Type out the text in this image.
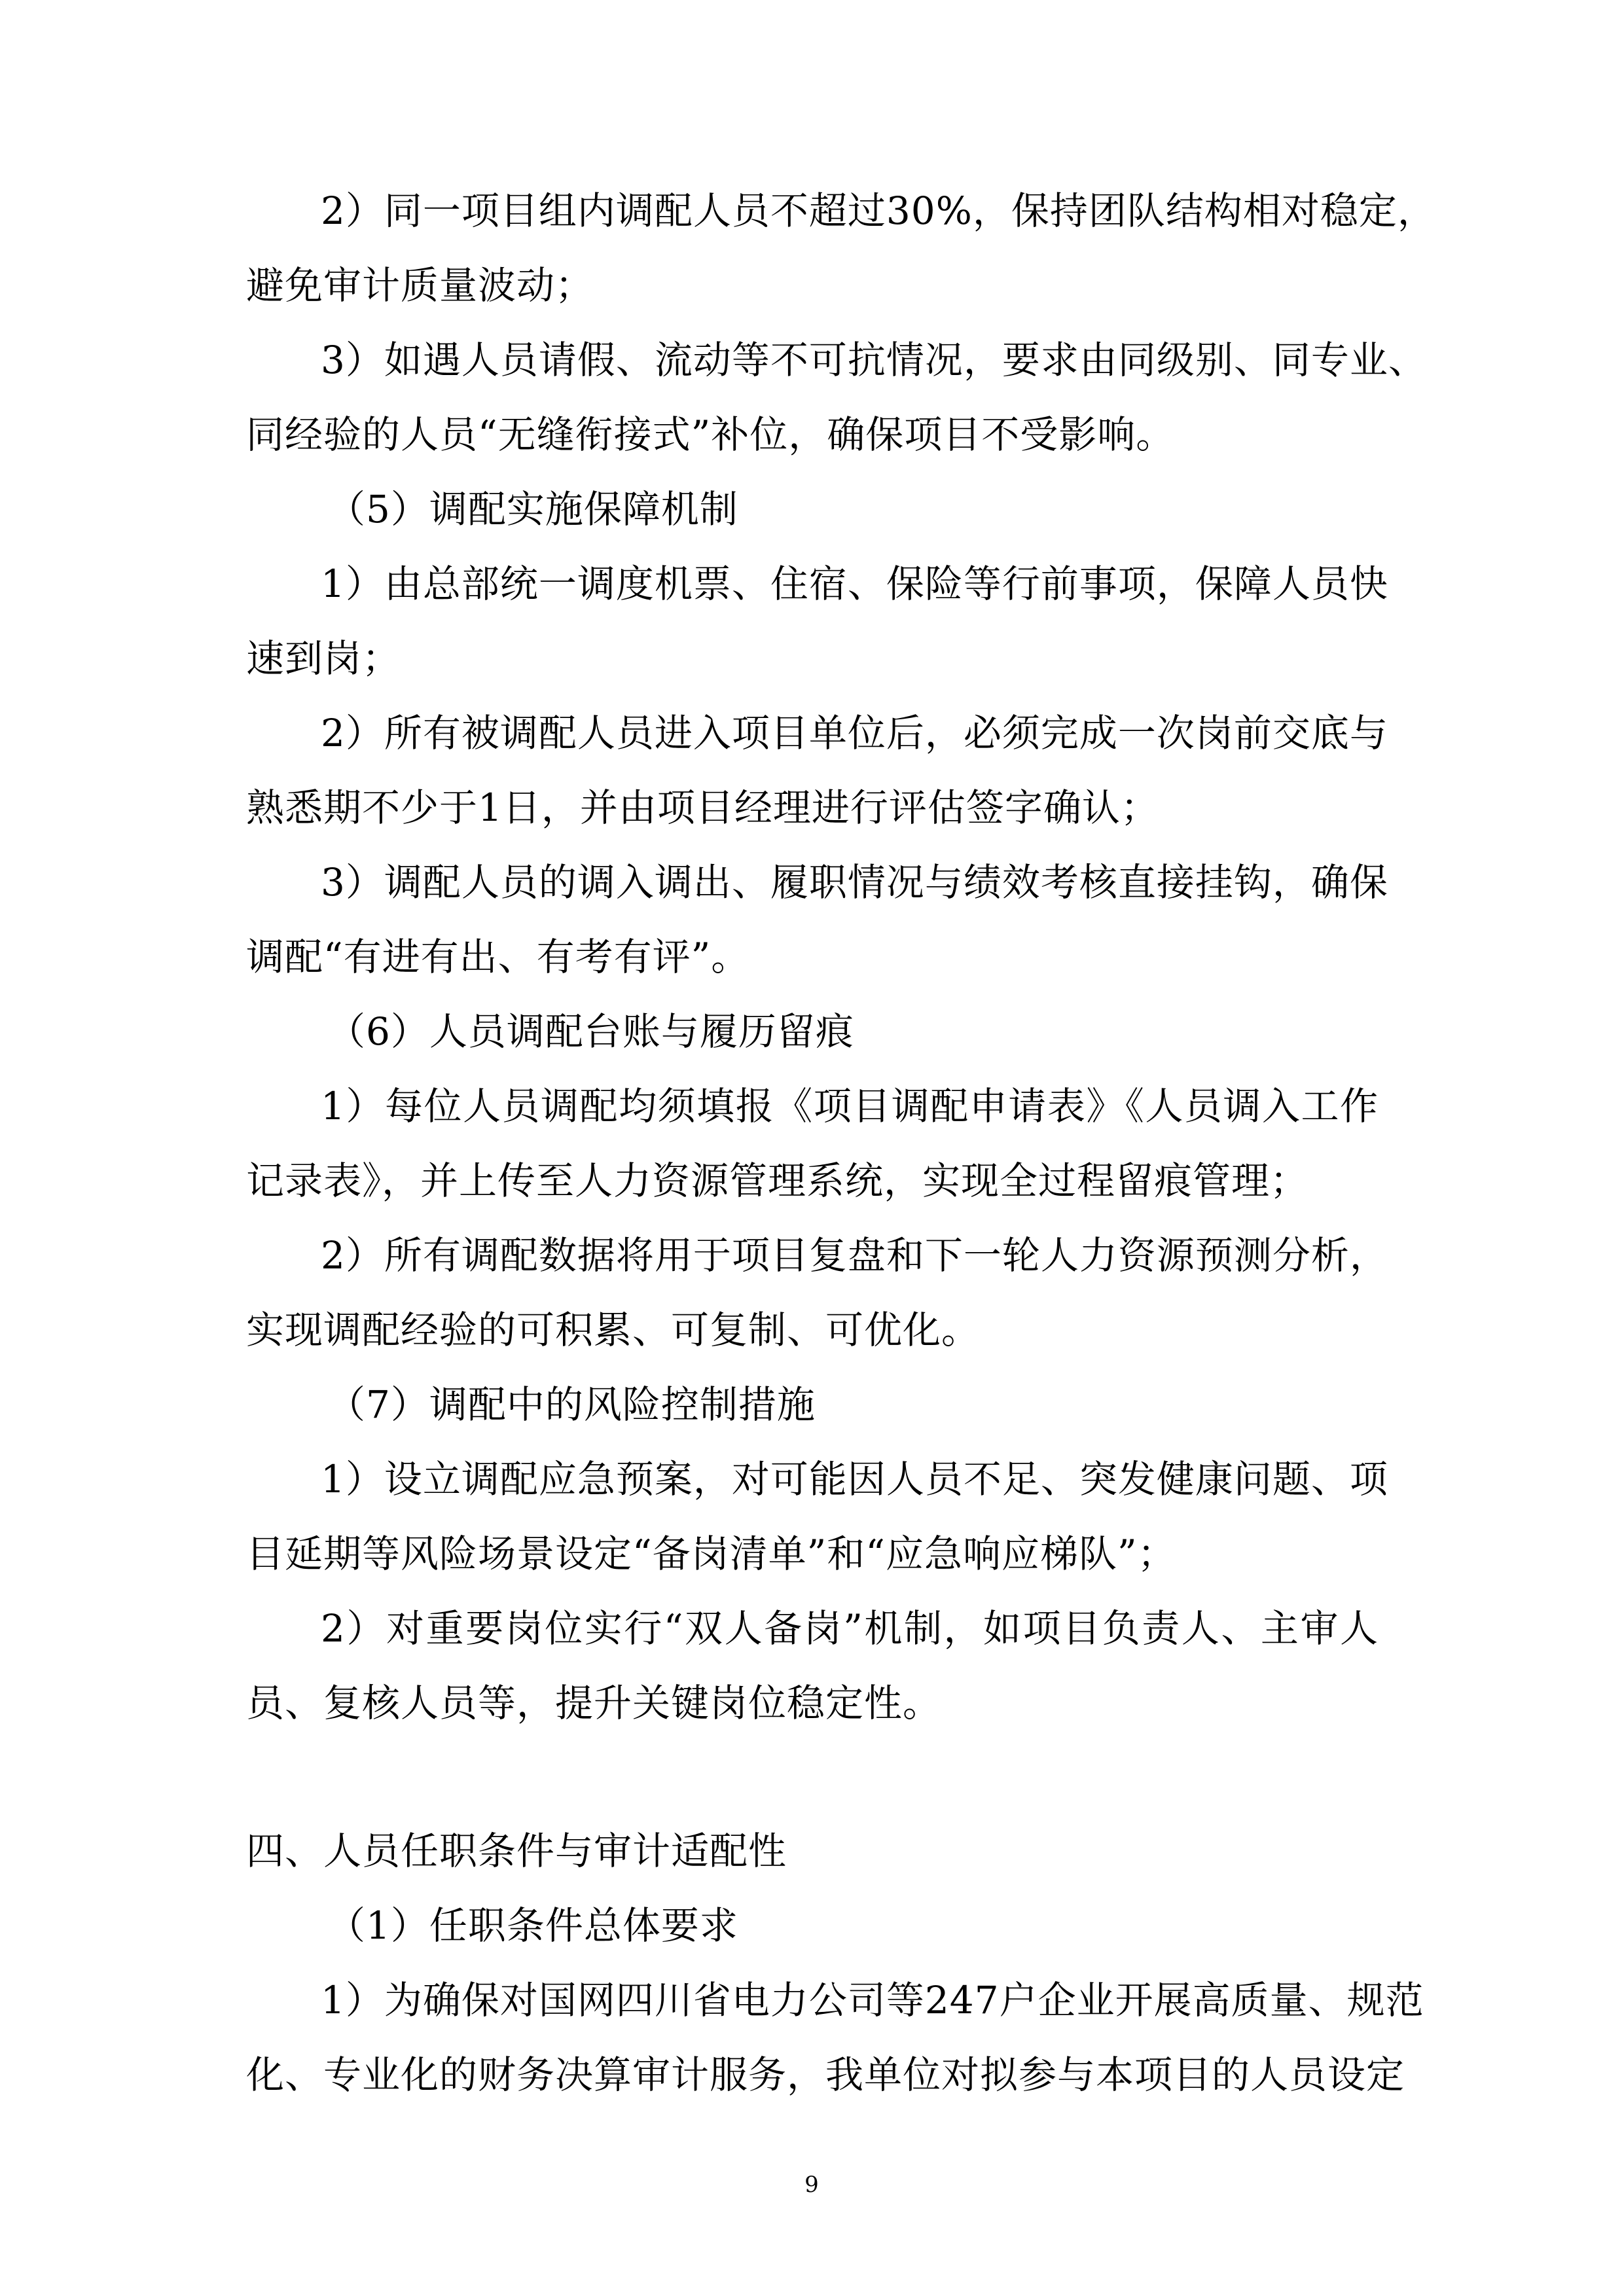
2）同一项目组内调配人员不超过30%，保持团队结构相对稳定，
避免审计质量波动；
3）如遇人员请假、流动等不可抗情况，要求由同级别、同专业、
同经验的人员“无缝衔接式”补位，确保项目不受影响。
（5）调配实施保障机制
1）由总部统一调度机票、住宿、保险等行前事项，保障人员快
速到岗；
2）所有被调配人员进入项目单位后，必须完成一次岗前交底与
熟悉期不少于1日，并由项目经理进行评估签字确认；
3）调配人员的调入调出、履职情况与绩效考核直接挂钩，确保
调配“有进有出、有考有评”。
（6）人员调配台账与履历留痕
1）每位人员调配均须填报《项目调配申请表》《人员调入工作
记录表》，并上传至人力资源管理系统，实现全过程留痕管理；
2）所有调配数据将用于项目复盘和下一轮人力资源预测分析，
实现调配经验的可积累、可复制、可优化。
（7）调配中的风险控制措施
1）设立调配应急预案，对可能因人员不足、突发健康问题、项
目延期等风险场景设定“备岗清单”和“应急响应梯队”；
2）对重要岗位实行“双人备岗”机制，如项目负责人、主审人
员、复核人员等，提升关键岗位稳定性。
四、人员任职条件与审计适配性
（1）任职条件总体要求
1）为确保对国网四川省电力公司等247户企业开展高质量、规范
化、专业化的财务决算审计服务，我单位对拟参与本项目的人员设定
9
